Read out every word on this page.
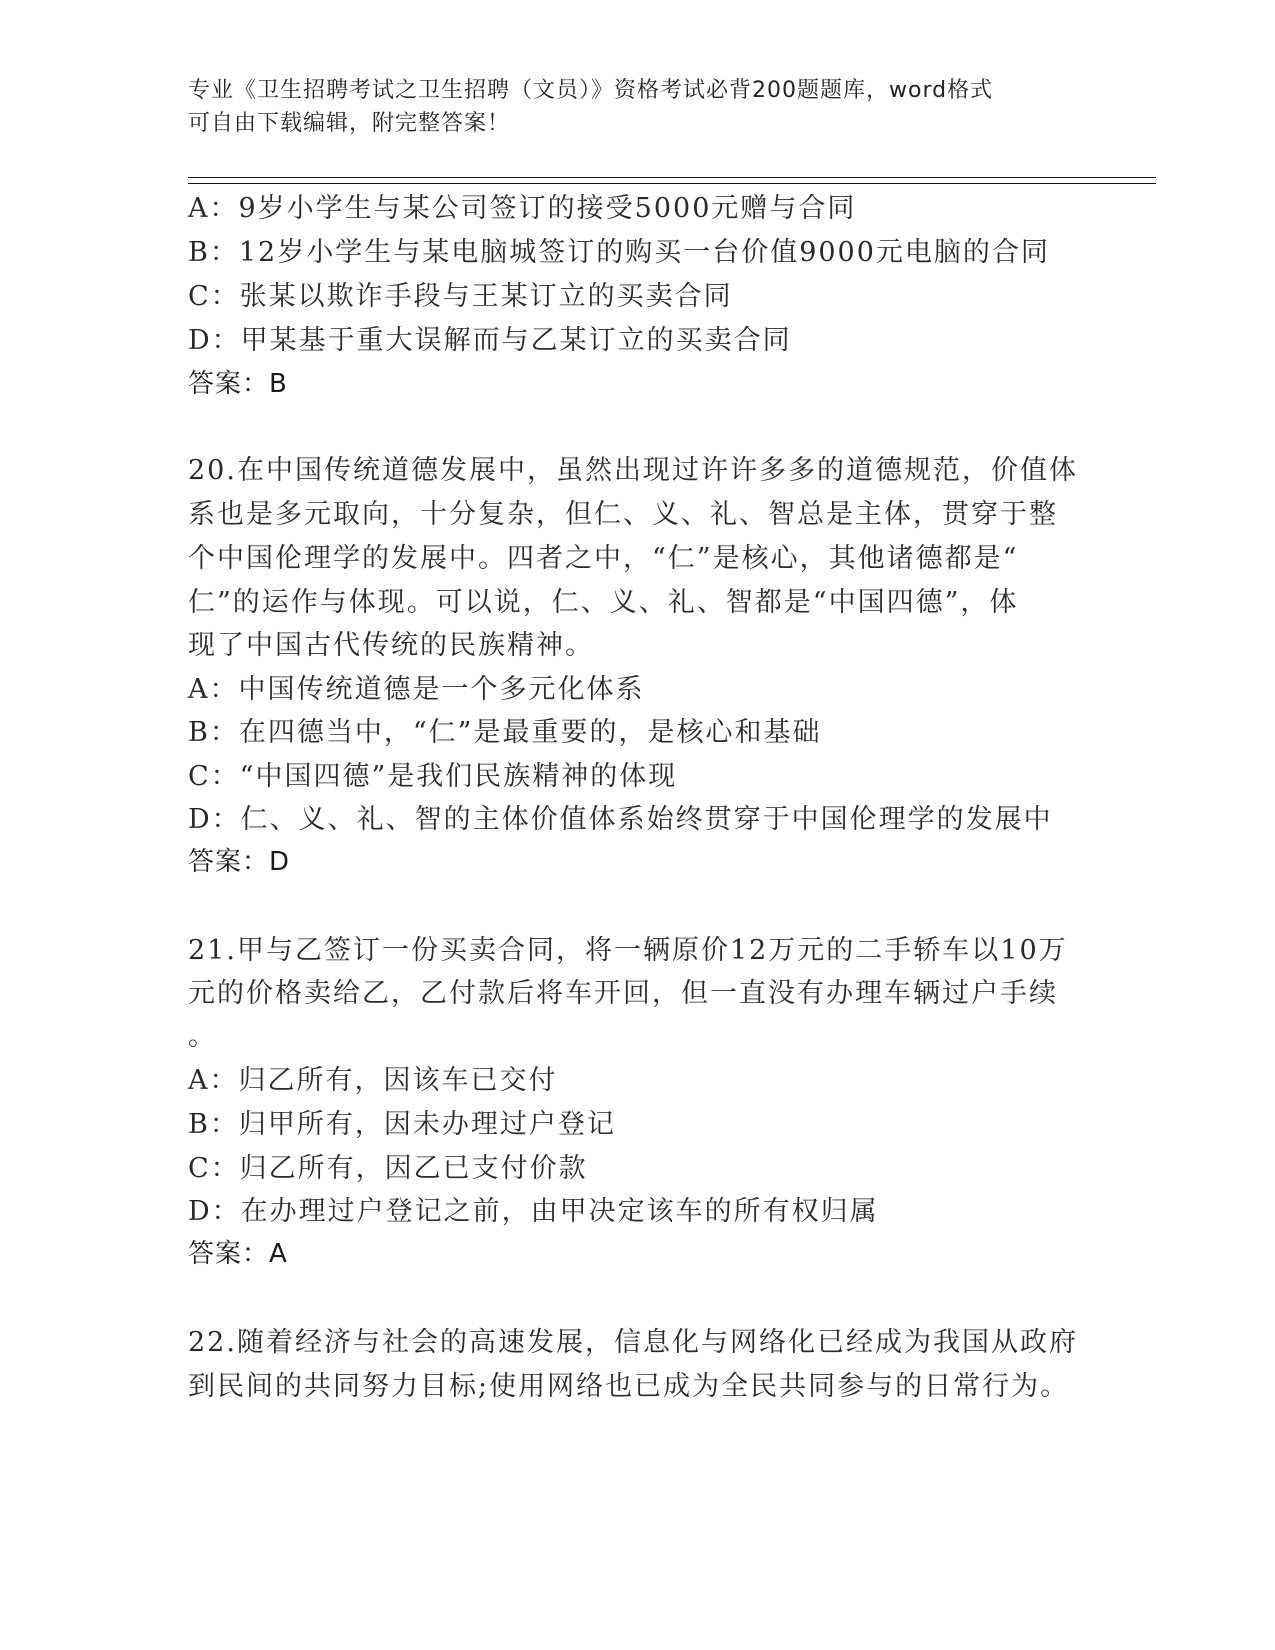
专业《卫生招聘考试之卫生招聘（文员）》资格考试必背200题题库，word格式
可自由下载编辑，附完整答案！
A：9岁小学生与某公司签订的接受5000元赠与合同
B：12岁小学生与某电脑城签订的购买一台价值9000元电脑的合同
C：张某以欺诈手段与王某订立的买卖合同
D：甲某基于重大误解而与乙某订立的买卖合同
答案：B
20.在中国传统道德发展中，虽然出现过许许多多的道德规范，价值体
系也是多元取向，十分复杂，但仁、义、礼、智总是主体，贯穿于整
个中国伦理学的发展中。四者之中，“仁”是核心，其他诸德都是“
仁”的运作与体现。可以说，仁、义、礼、智都是“中国四德”，体
现了中国古代传统的民族精神。
A：中国传统道德是一个多元化体系
B：在四德当中，“仁”是最重要的，是核心和基础
C：“中国四德”是我们民族精神的体现
D：仁、义、礼、智的主体价值体系始终贯穿于中国伦理学的发展中
答案：D
21.甲与乙签订一份买卖合同，将一辆原价12万元的二手轿车以10万
元的价格卖给乙，乙付款后将车开回，但一直没有办理车辆过户手续
。
A：归乙所有，因该车已交付
B：归甲所有，因未办理过户登记
C：归乙所有，因乙已支付价款
D：在办理过户登记之前，由甲决定该车的所有权归属
答案：A
22.随着经济与社会的高速发展，信息化与网络化已经成为我国从政府
到民间的共同努力目标;使用网络也已成为全民共同参与的日常行为。
